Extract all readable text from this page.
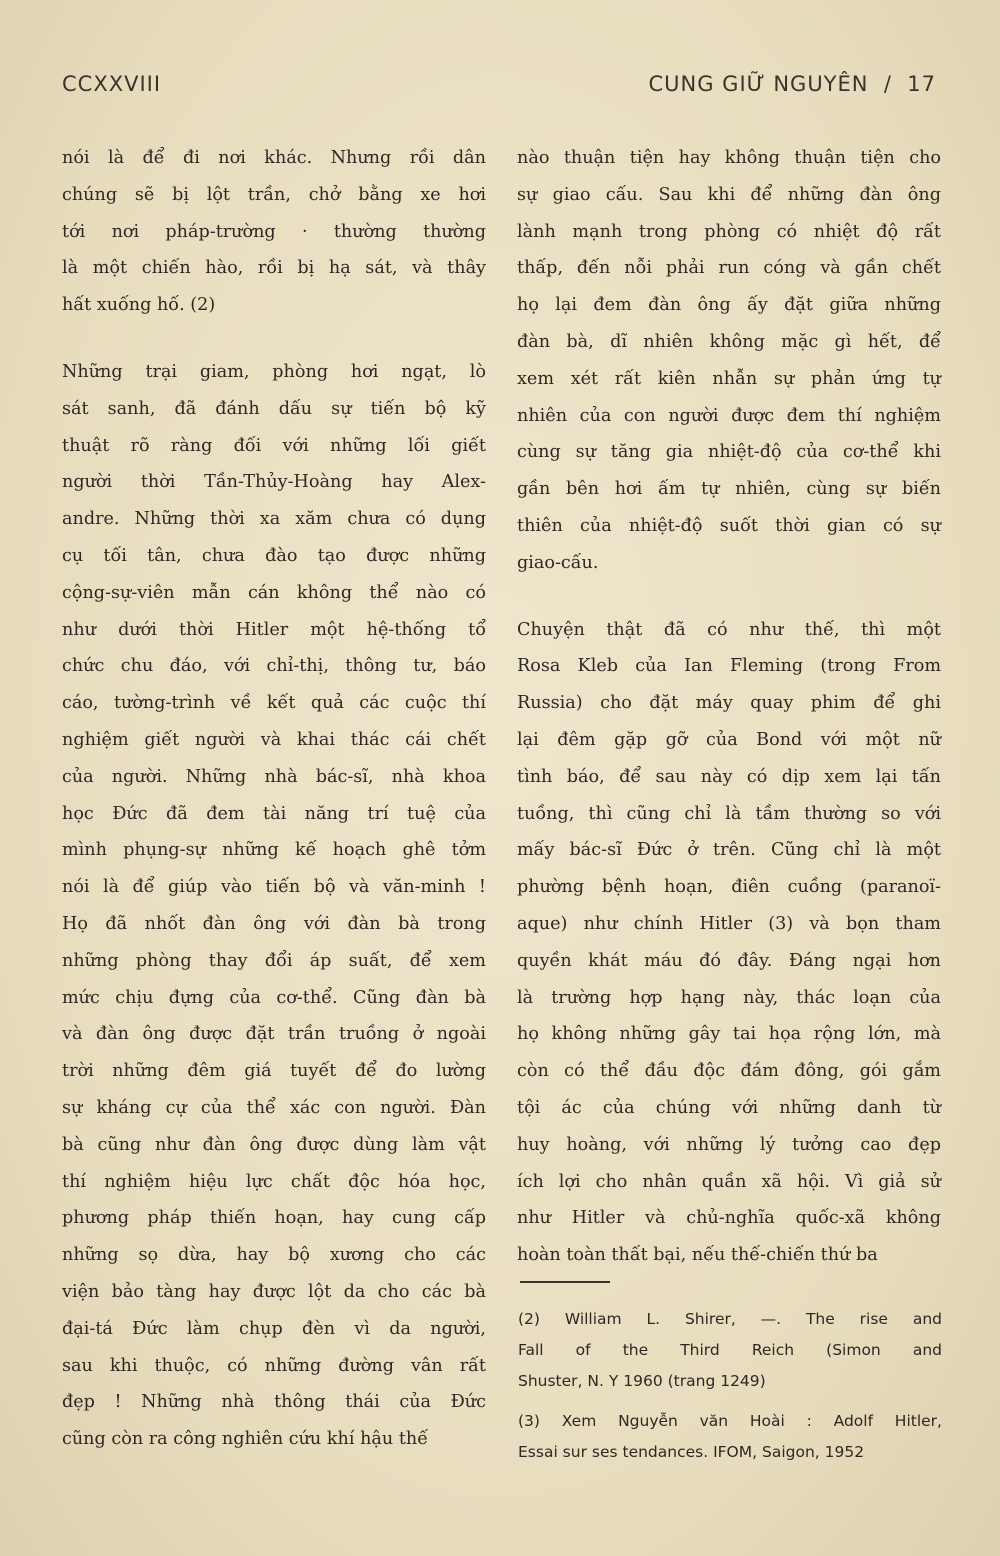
CCXXVIII	CUNG GIỮ NGUYÊN  /  17
nói là để đi nơi khác. Nhưng rồi dân
chúng sẽ bị lột trần, chở bằng xe hơi
tới nơi pháp-trường · thường thường
là một chiến hào, rồi bị hạ sát, và thây
hất xuống hố. (2)
Những trại giam, phòng hơi ngạt, lò
sát sanh, đã đánh dấu sự tiến bộ kỹ
thuật rõ ràng đối với những lối giết
người thời Tần-Thủy-Hoàng hay Alex-
andre. Những thời xa xăm chưa có dụng
cụ tối tân, chưa đào tạo được những
cộng-sự-viên mẫn cán không thể nào có
như dưới thời Hitler một hệ-thống tổ
chức chu đáo, với chỉ-thị, thông tư, báo
cáo, tường-trình về kết quả các cuộc thí
nghiệm giết người và khai thác cái chết
của người. Những nhà bác-sĩ, nhà khoa
học Đức đã đem tài năng trí tuệ của
mình phụng-sự những kế hoạch ghê tởm
nói là để giúp vào tiến bộ và văn-minh !
Họ đã nhốt đàn ông với đàn bà trong
những phòng thay đổi áp suất, để xem
mức chịu đựng của cơ-thể. Cũng đàn bà
và đàn ông được đặt trần truồng ở ngoài
trời những đêm giá tuyết để đo lường
sự kháng cự của thể xác con người. Đàn
bà cũng như đàn ông được dùng làm vật
thí nghiệm hiệu lực chất độc hóa học,
phương pháp thiến hoạn, hay cung cấp
những sọ dừa, hay bộ xương cho các
viện bảo tàng hay được lột da cho các bà
đại-tá Đức làm chụp đèn vì da người,
sau khi thuộc, có những đường vân rất
đẹp ! Những nhà thông thái của Đức
cũng còn ra công nghiên cứu khí hậu thế
nào thuận tiện hay không thuận tiện cho
sự giao cấu. Sau khi để những đàn ông
lành mạnh trong phòng có nhiệt độ rất
thấp, đến nỗi phải run cóng và gần chết
họ lại đem đàn ông ấy đặt giữa những
đàn bà, dĩ nhiên không mặc gì hết, để
xem xét rất kiên nhẫn sự phản ứng tự
nhiên của con người được đem thí nghiệm
cùng sự tăng gia nhiệt-độ của cơ-thể khi
gần bên hơi ấm tự nhiên, cùng sự biến
thiên của nhiệt-độ suốt thời gian có sự
giao-cấu.
Chuyện thật đã có như thế, thì một
Rosa Kleb của Ian Fleming (trong From
Russia) cho đặt máy quay phim để ghi
lại đêm gặp gỡ của Bond với một nữ
tình báo, để sau này có dịp xem lại tấn
tuồng, thì cũng chỉ là tầm thường so với
mấy bác-sĩ Đức ở trên. Cũng chỉ là một
phường bệnh hoạn, điên cuồng (paranoï-
aque) như chính Hitler (3) và bọn tham
quyền khát máu đó đây. Đáng ngại hơn
là trường hợp hạng này, thác loạn của
họ không những gây tai họa rộng lớn, mà
còn có thể đầu độc đám đông, gói gắm
tội ác của chúng với những danh từ
huy hoàng, với những lý tưởng cao đẹp
ích lợi cho nhân quần xã hội. Vì giả sử
như Hitler và chủ-nghĩa quốc-xã không
hoàn toàn thất bại, nếu thế-chiến thứ ba
(2) William L. Shirer, —. The rise and
Fall of the Third Reich (Simon and
Shuster, N. Y 1960 (trang 1249)
(3) Xem Nguyễn văn Hoài : Adolf Hitler,
Essai sur ses tendances. IFOM, Saigon, 1952
